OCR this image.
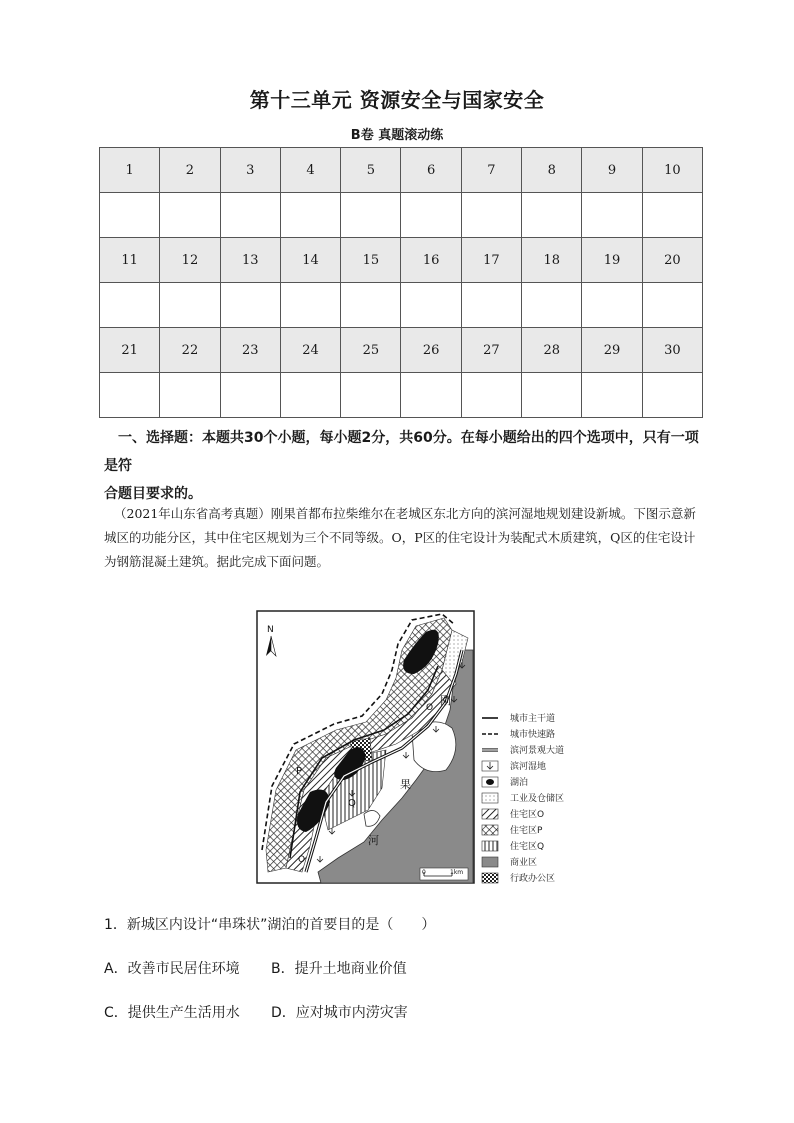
第十三单元 资源安全与国家安全
B卷 真题滚动练
1	2	3	4	5	6	7	8	9	10

11	12	13	14	15	16	17	18	19	20

21	22	23	24	25	26	27	28	29	30

一、选择题：本题共30个小题，每小题2分，共60分。在每小题给出的四个选项中，只有一项是符
合题目要求的。
（2021年山东省高考真题）刚果首都布拉柴维尔在老城区东北方向的滨河湿地规划建设新城。下图示意新城区的功能分区，其中住宅区规划为三个不同等级。O，P区的住宅设计为装配式木质建筑，Q区的住宅设计为钢筋混凝土建筑。据此完成下面问题。
O
O
P
Q
刚
果
河
N
0	1km
城市主干道
城市快速路
滨河景观大道
滨河湿地
湖泊
工业及仓储区
住宅区O
住宅区P
住宅区Q
商业区
行政办公区
1．新城区内设计“串珠状”湖泊的首要目的是（　　）
A．改善市民居住环境 B．提升土地商业价值
C．提供生产生活用水 D．应对城市内涝灾害
